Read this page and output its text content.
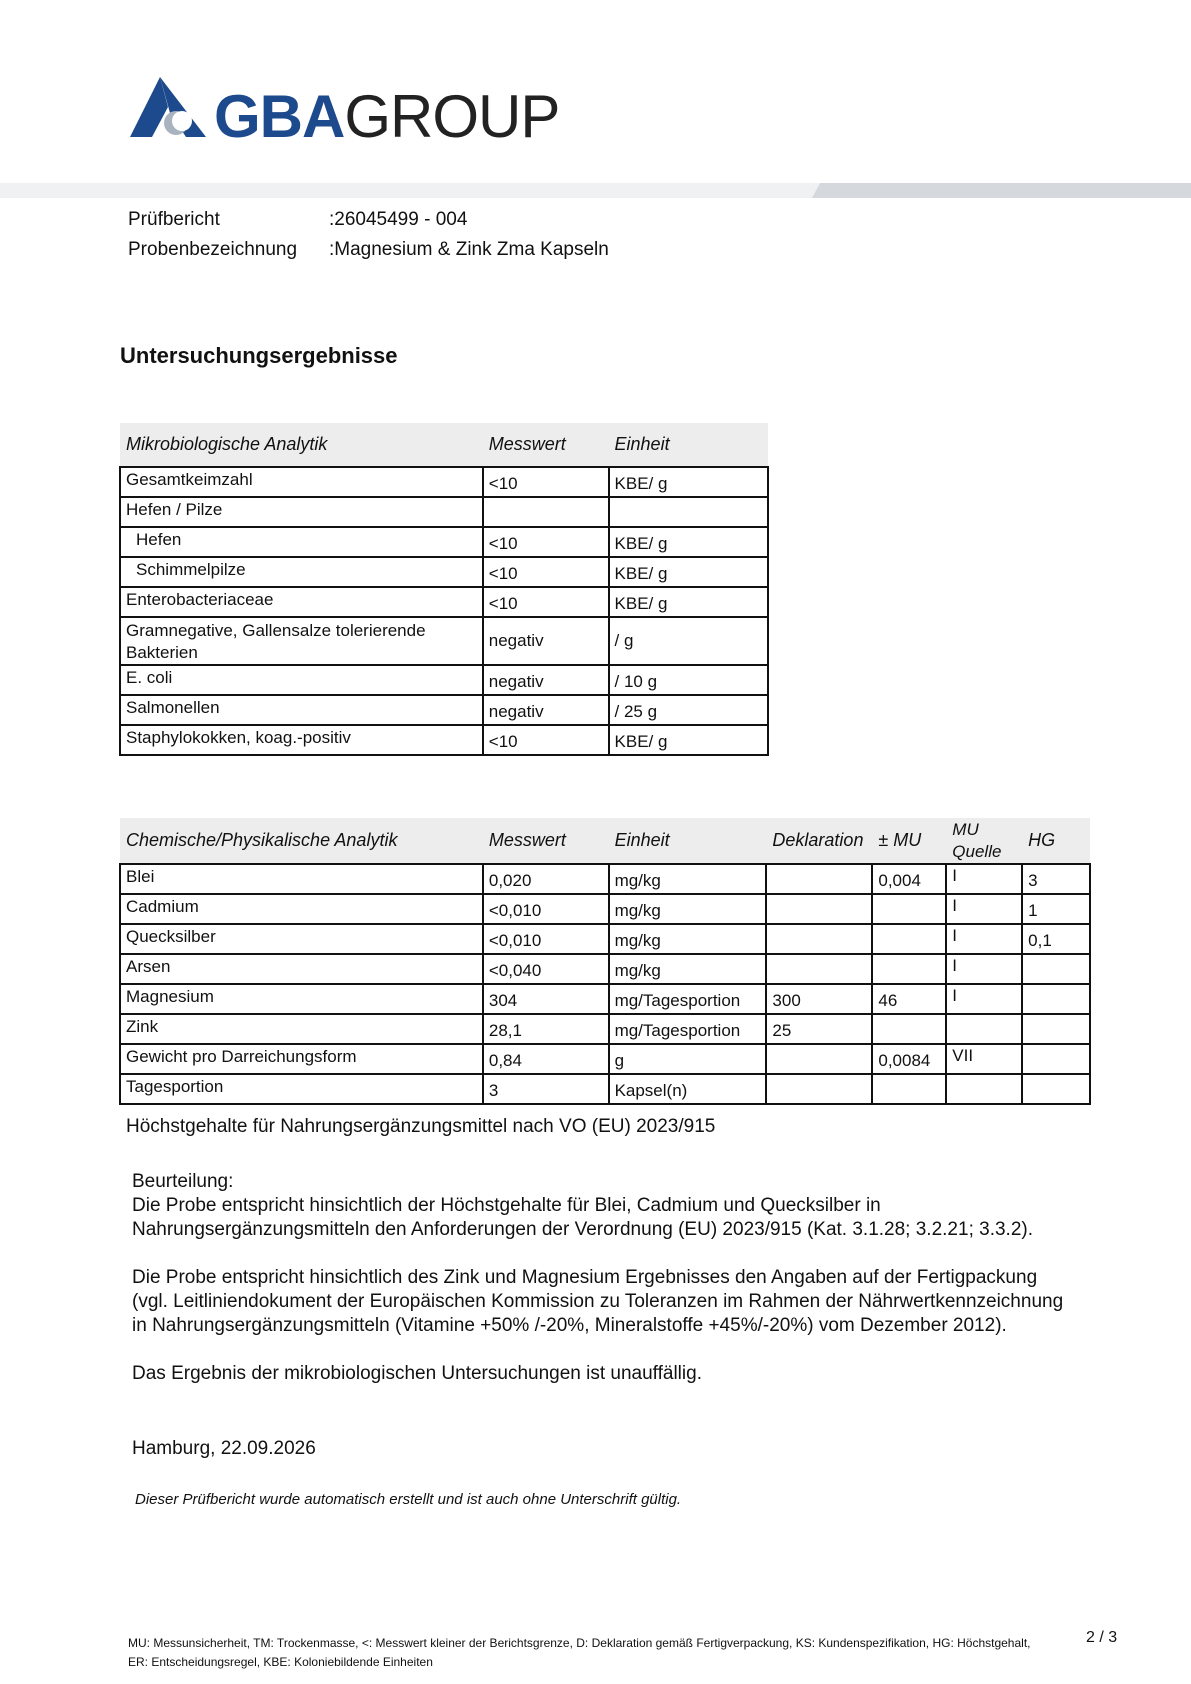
GBAGROUP
Prüfbericht	:26045499 - 004
Probenbezeichnung :Magnesium & Zink Zma Kapseln
Untersuchungsergebnisse
Mikrobiologische Analytik	Messwert	Einheit
Gesamtkeimzahl	<10	KBE/ g
Hefen / Pilze		
Hefen	<10	KBE/ g
Schimmelpilze	<10	KBE/ g
Enterobacteriaceae	<10	KBE/ g
Gramnegative, Gallensalze tolerierende Bakterien	negativ	/ g
E. coli	negativ	/ 10 g
Salmonellen	negativ	/ 25 g
Staphylokokken, koag.-positiv	<10	KBE/ g
Chemische/Physikalische Analytik	Messwert	Einheit	Deklaration	± MU	MU Quelle	HG
Blei	0,020	mg/kg		0,004	I	3
Cadmium	<0,010	mg/kg			I	1
Quecksilber	<0,010	mg/kg			I	0,1
Arsen	<0,040	mg/kg			I	
Magnesium	304	mg/Tagesportion	300	46	I	
Zink	28,1	mg/Tagesportion	25			
Gewicht pro Darreichungsform	0,84	g		0,0084	VII	
Tagesportion	3	Kapsel(n)				
Höchstgehalte für Nahrungsergänzungsmittel nach VO (EU) 2023/915
Beurteilung:
Die Probe entspricht hinsichtlich der Höchstgehalte für Blei, Cadmium und Quecksilber in
Nahrungsergänzungsmitteln den Anforderungen der Verordnung (EU) 2023/915 (Kat. 3.1.28; 3.2.21; 3.3.2).
Die Probe entspricht hinsichtlich des Zink und Magnesium Ergebnisses den Angaben auf der Fertigpackung
(vgl. Leitliniendokument der Europäischen Kommission zu Toleranzen im Rahmen der Nährwertkennzeichnung
in Nahrungsergänzungsmitteln (Vitamine +50% /-20%, Mineralstoffe +45%/-20%) vom Dezember 2012).
Das Ergebnis der mikrobiologischen Untersuchungen ist unauffällig.
Hamburg, 22.09.2026
Dieser Prüfbericht wurde automatisch erstellt und ist auch ohne Unterschrift gültig.
MU: Messunsicherheit, TM: Trockenmasse, <: Messwert kleiner der Berichtsgrenze, D: Deklaration gemäß Fertigverpackung, KS: Kundenspezifikation, HG: Höchstgehalt,
ER: Entscheidungsregel, KBE: Koloniebildende Einheiten
2 / 3
